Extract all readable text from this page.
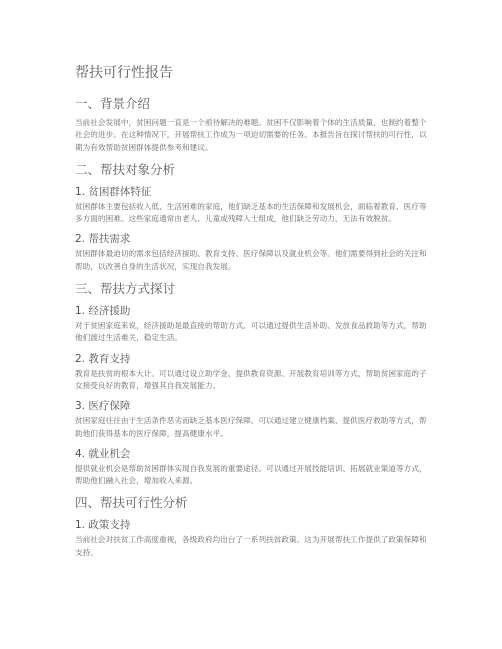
帮扶可行性报告
一、背景介绍
当前社会发展中，贫困问题一直是一个亟待解决的难题。贫困不仅影响着个体的生活质量，也制约着整个社会的进步。在这种情况下，开展帮扶工作成为一项迫切需要的任务。本报告旨在探讨帮扶的可行性，以期为有效帮助贫困群体提供参考和建议。
二、帮扶对象分析
1. 贫困群体特征
贫困群体主要包括收入低、生活困难的家庭，他们缺乏基本的生活保障和发展机会，面临着教育、医疗等多方面的困难。这些家庭通常由老人、儿童或残障人士组成，他们缺乏劳动力，无法有效脱贫。
2. 帮扶需求
贫困群体最迫切的需求包括经济援助、教育支持、医疗保障以及就业机会等。他们需要得到社会的关注和帮助，以改善自身的生活状况，实现自我发展。
三、帮扶方式探讨
1. 经济援助
对于贫困家庭来说，经济援助是最直接的帮助方式。可以通过提供生活补助、发放食品救助等方式，帮助他们渡过生活难关，稳定生活。
2. 教育支持
教育是扶贫的根本大计。可以通过设立助学金、提供教育资源、开展教育培训等方式，帮助贫困家庭的子女接受良好的教育，增强其自我发展能力。
3. 医疗保障
贫困家庭往往由于生活条件恶劣而缺乏基本医疗保障。可以通过建立健康档案、提供医疗救助等方式，帮助他们获得基本的医疗保障，提高健康水平。
4. 就业机会
提供就业机会是帮助贫困群体实现自我发展的重要途径。可以通过开展技能培训、拓展就业渠道等方式，帮助他们融入社会，增加收入来源。
四、帮扶可行性分析
1. 政策支持
当前社会对扶贫工作高度重视，各级政府均出台了一系列扶贫政策。这为开展帮扶工作提供了政策保障和支持。
